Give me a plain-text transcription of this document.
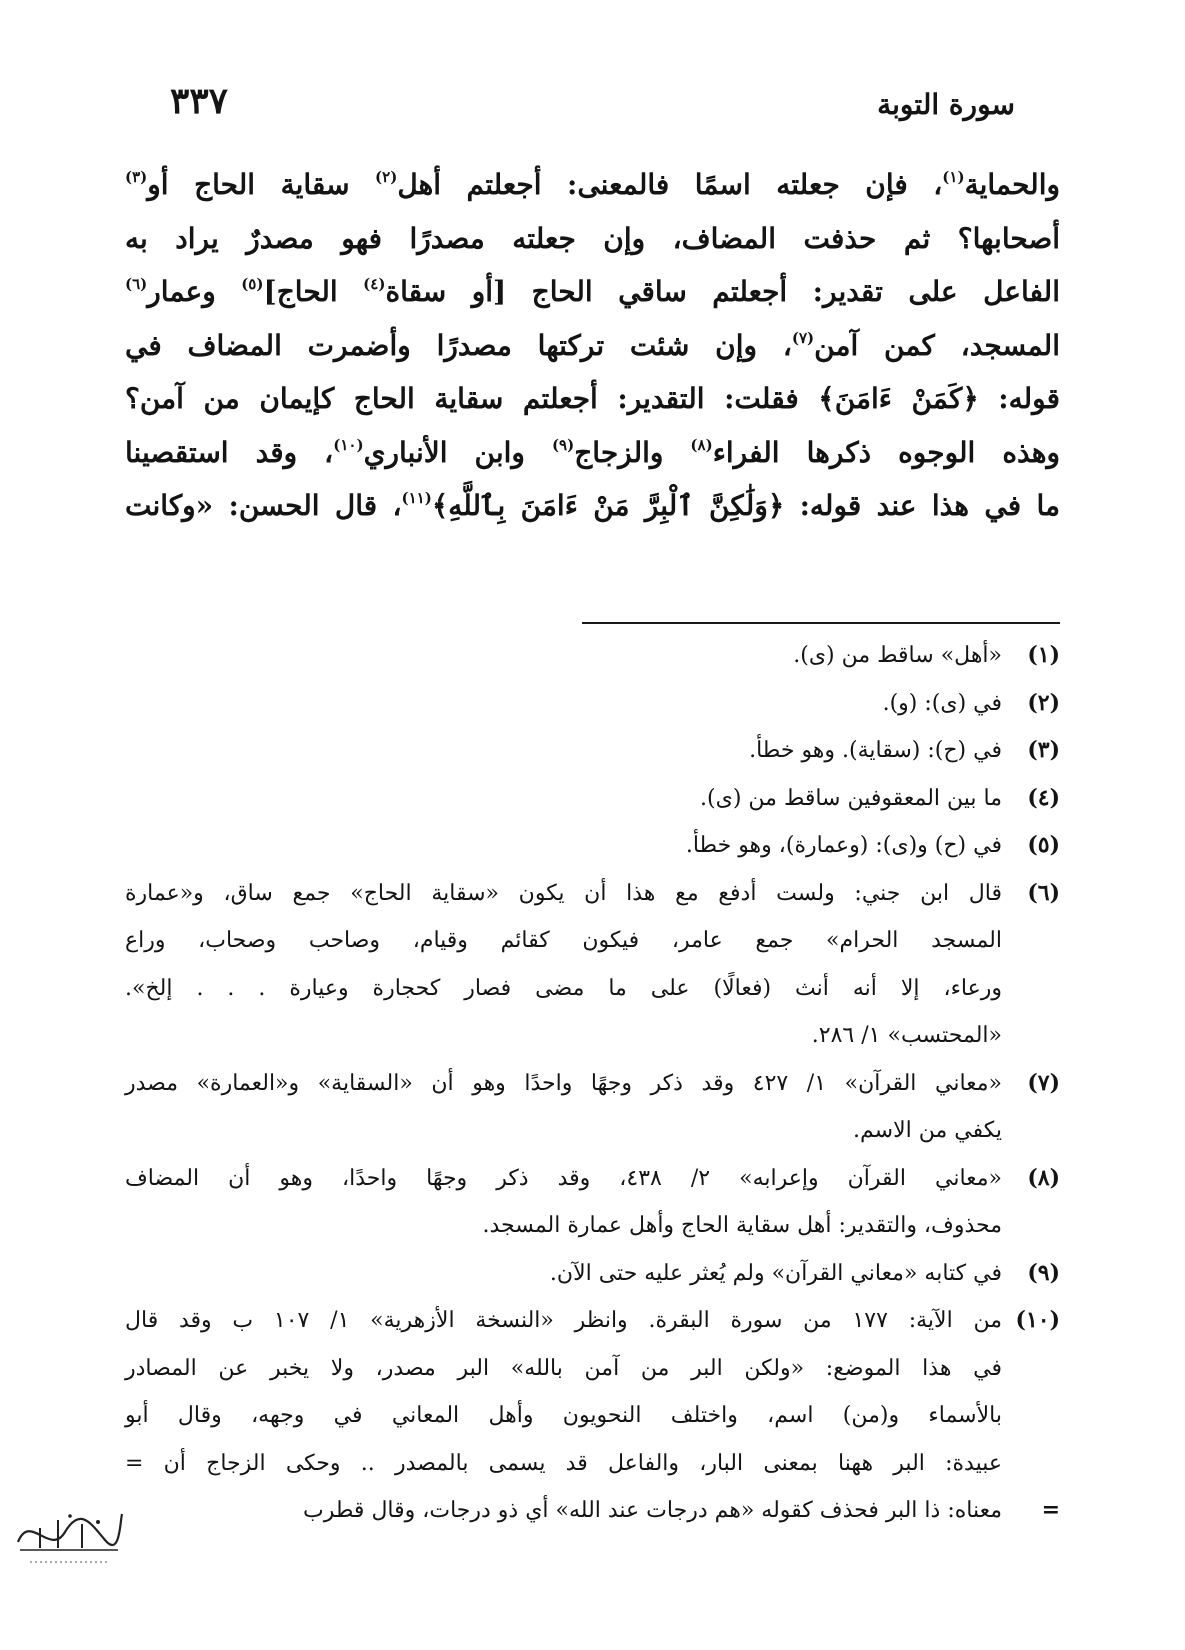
سورة التوبة
٣٣٧
والحماية$^{(١)}$، فإن جعلته اسمًا فالمعنى: أجعلتم أهل$^{(٢)}$ سقاية الحاج أو$^{(٣)}$
أصحابها؟ ثم حذفت المضاف، وإن جعلته مصدرًا فهو مصدرٌ يراد به
الفاعل على تقدير: أجعلتم ساقي الحاج [أو سقاة$^{(٤)}$ الحاج]$^{(٥)}$ وعمار$^{(٦)}$
المسجد، كمن آمن$^{(٧)}$، وإن شئت تركتها مصدرًا وأضمرت المضاف في
قوله: ﴿كَمَنْ ءَامَنَ﴾ فقلت: التقدير: أجعلتم سقاية الحاج كإيمان من آمن؟
وهذه الوجوه ذكرها الفراء$^{(٨)}$ والزجاج$^{(٩)}$ وابن الأنباري$^{(١٠)}$، وقد استقصينا
ما في هذا عند قوله: ﴿وَلَٰكِنَّ ٱلْبِرَّ مَنْ ءَامَنَ بِٱللَّهِ﴾$^{(١١)}$، قال الحسن: «وكانت
(١)
«أهل» ساقط من (ى).
(٢)
في (ى): (و).
(٣)
في (ح): (سقاية). وهو خطأ.
(٤)
ما بين المعقوفين ساقط من (ى).
(٥)
في (ح) و(ى): (وعمارة)، وهو خطأ.
(٦)
قال ابن جني: ولست أدفع مع هذا أن يكون «سقاية الحاج» جمع ساق، و«عمارة
المسجد الحرام» جمع عامر، فيكون كقائم وقيام، وصاحب وصحاب، وراع
ورعاء، إلا أنه أنث (فعالًا) على ما مضى فصار كحجارة وعيارة . . . إلخ».
«المحتسب» ١/ ٢٨٦.
(٧)
«معاني القرآن» ١/ ٤٢٧ وقد ذكر وجهًا واحدًا وهو أن «السقاية» و«العمارة» مصدر
يكفي من الاسم.
(٨)
«معاني القرآن وإعرابه» ٢/ ٤٣٨، وقد ذكر وجهًا واحدًا، وهو أن المضاف
محذوف، والتقدير: أهل سقاية الحاج وأهل عمارة المسجد.
(٩)
في كتابه «معاني القرآن» ولم يُعثر عليه حتى الآن.
(١٠)
من الآية: ١٧٧ من سورة البقرة. وانظر «النسخة الأزهرية» ١/ ١٠٧ ب وقد قال
في هذا الموضع: «ولكن البر من آمن بالله» البر مصدر، ولا يخبر عن المصادر
بالأسماء و(من) اسم، واختلف النحويون وأهل المعاني في وجهه، وقال أبو
عبيدة: البر ههنا بمعنى البار، والفاعل قد يسمى بالمصدر .. وحكى الزجاج أن =
=
معناه: ذا البر فحذف كقوله «هم درجات عند الله» أي ذو درجات، وقال قطرب
